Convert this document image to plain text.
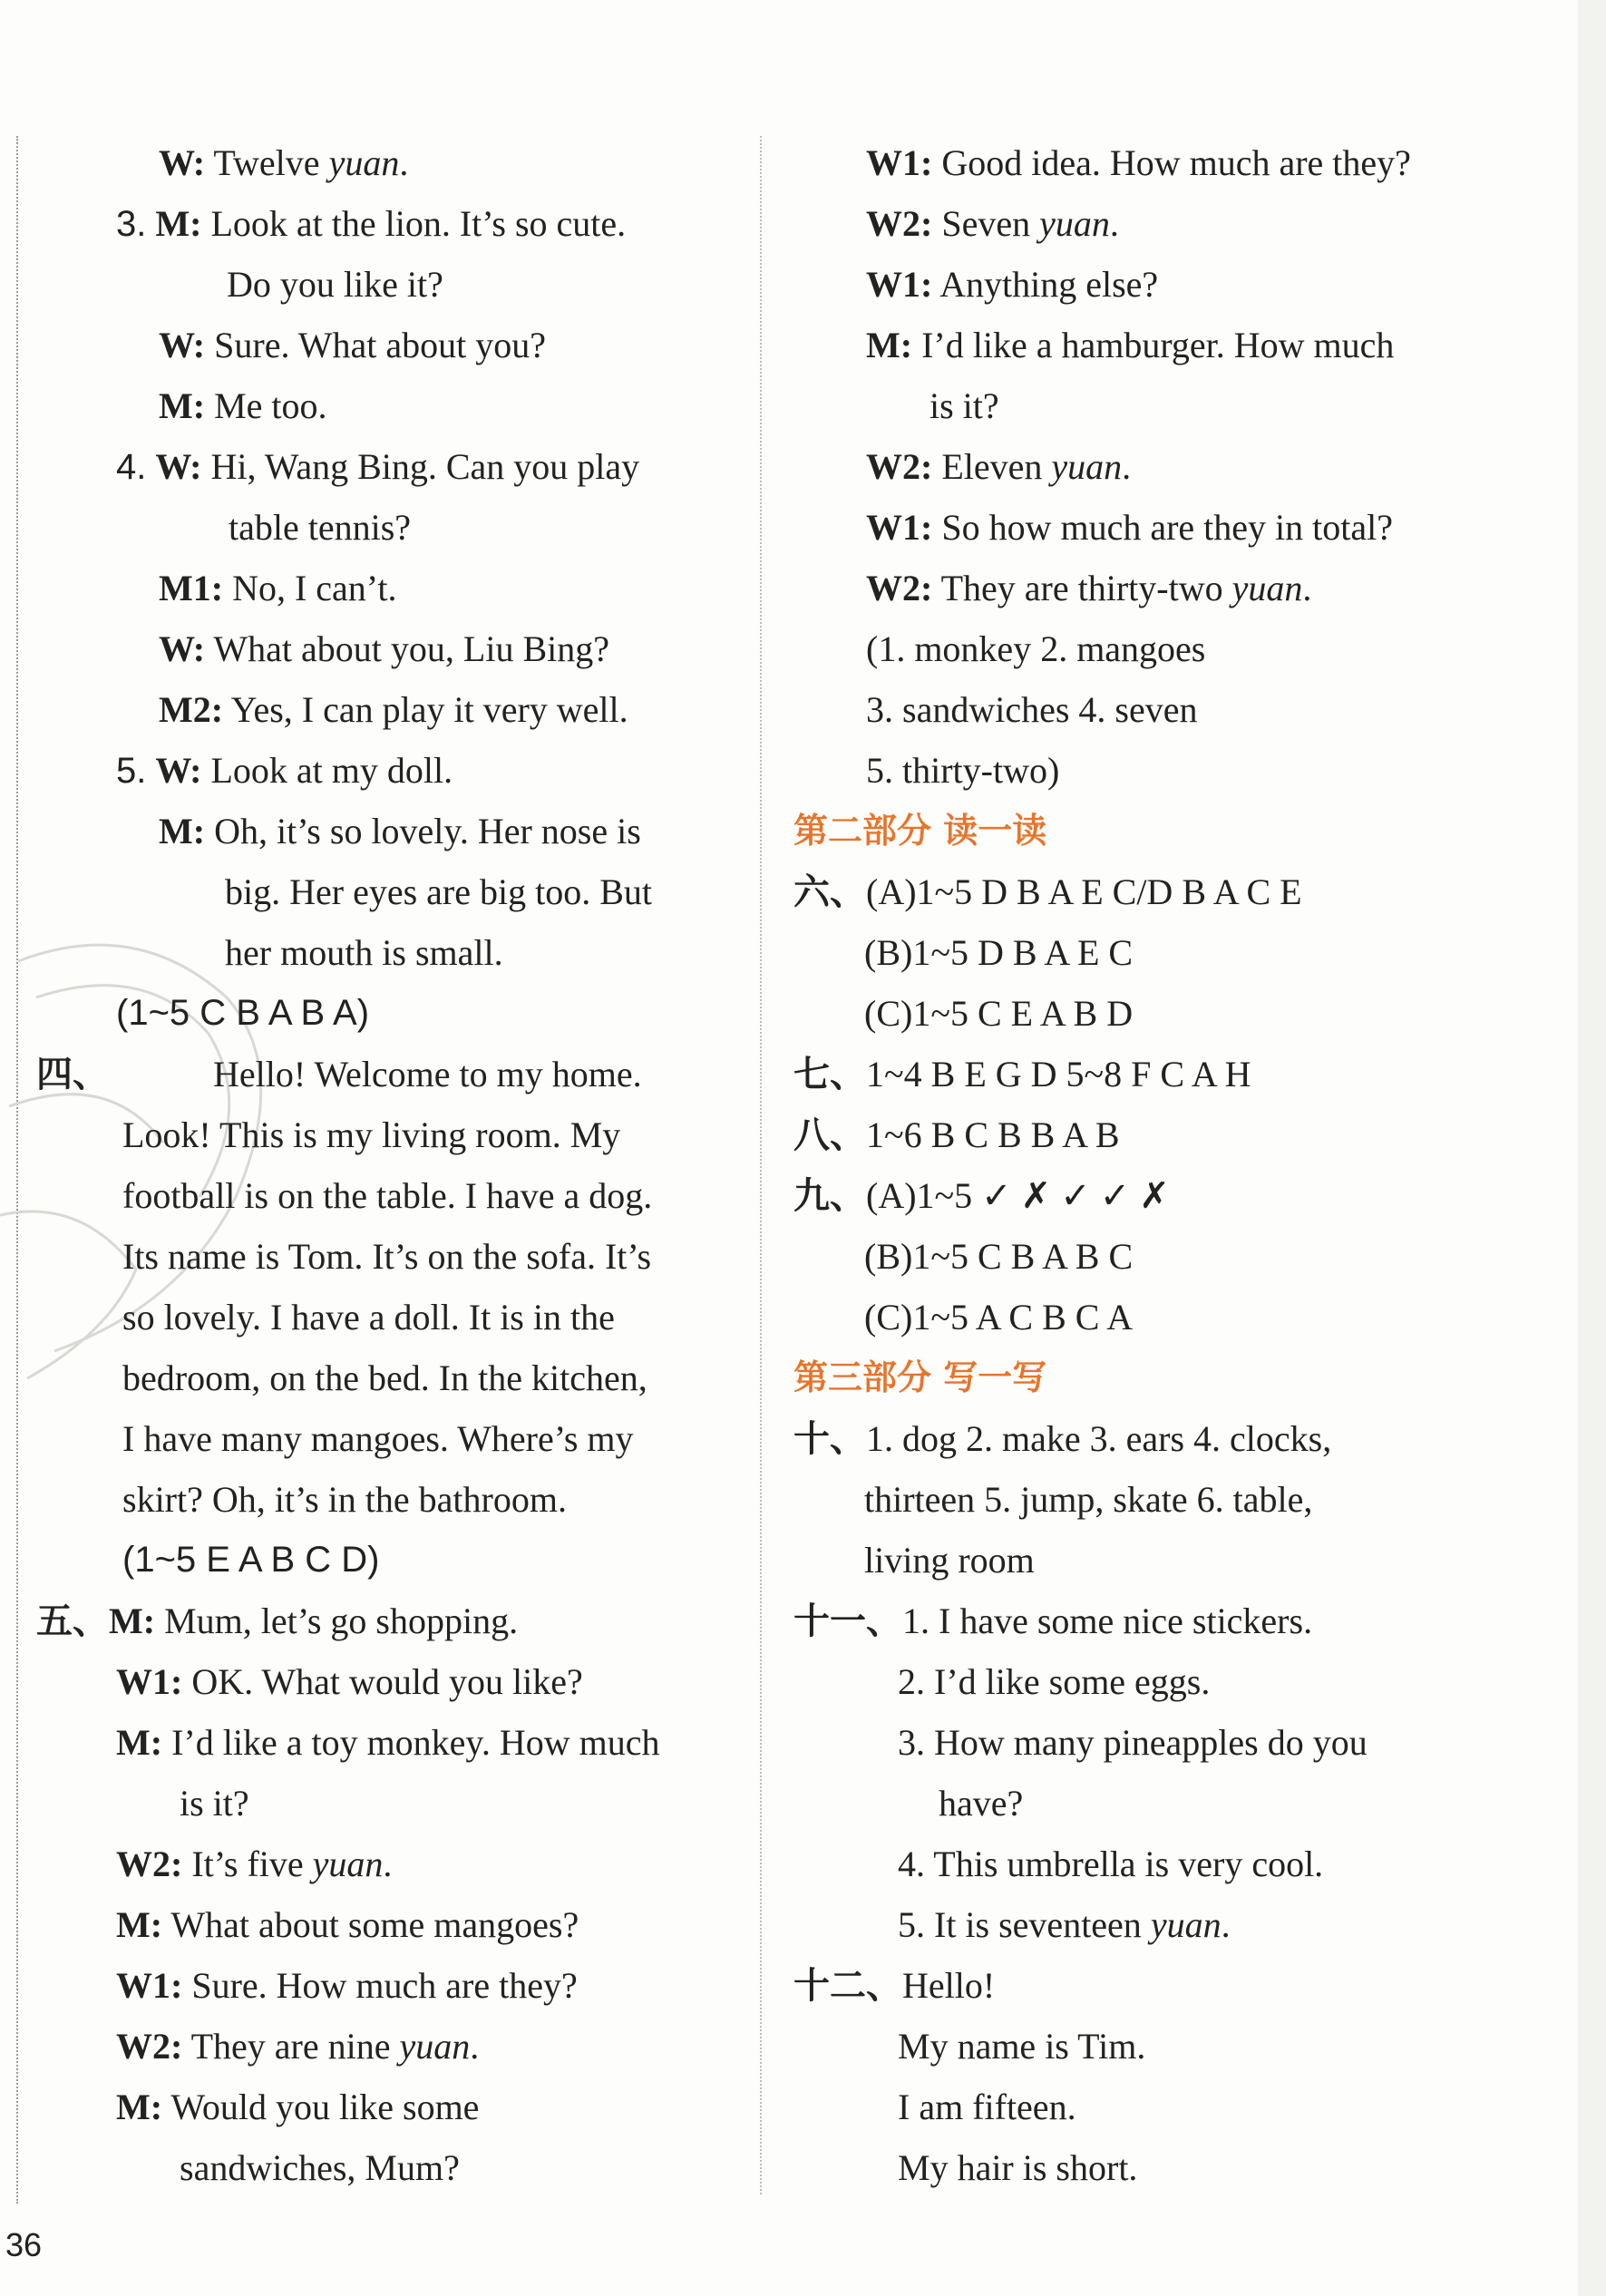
W: Twelve yuan.
3. M: Look at the lion. It’s so cute.
Do you like it?
W: Sure. What about you?
M: Me too.
4. W: Hi, Wang Bing. Can you play
table tennis?
M1: No, I can’t.
W: What about you, Liu Bing?
M2: Yes, I can play it very well.
5. W: Look at my doll.
M: Oh, it’s so lovely. Her nose is
big. Her eyes are big too. But
her mouth is small.
(1~5 C B A B A)
四、	Hello! Welcome to my home.
Look! This is my living room. My
football is on the table. I have a dog.
Its name is Tom. It’s on the sofa. It’s
so lovely. I have a doll. It is in the
bedroom, on the bed. In the kitchen,
I have many mangoes. Where’s my
skirt? Oh, it’s in the bathroom.
(1~5 E A B C D)
五、M: Mum, let’s go shopping.
W1: OK. What would you like?
M: I’d like a toy monkey. How much
is it?
W2: It’s five yuan.
M: What about some mangoes?
W1: Sure. How much are they?
W2: They are nine yuan.
M: Would you like some
sandwiches, Mum?
W1: Good idea. How much are they?
W2: Seven yuan.
W1: Anything else?
M: I’d like a hamburger. How much
is it?
W2: Eleven yuan.
W1: So how much are they in total?
W2: They are thirty-two yuan.
(1. monkey 2. mangoes
3. sandwiches 4. seven
5. thirty-two)
第二部分 读一读
六、(A)1~5 D B A E C/D B A C E
(B)1~5 D B A E C
(C)1~5 C E A B D
七、1~4 B E G D 5~8 F C A H
八、1~6 B C B B A B
九、(A)1~5 ✓ ✗ ✓ ✓ ✗
(B)1~5 C B A B C
(C)1~5 A C B C A
第三部分 写一写
十、1. dog 2. make 3. ears 4. clocks,
thirteen 5. jump, skate 6. table,
living room
十一、1. I have some nice stickers.
2. I’d like some eggs.
3. How many pineapples do you
have?
4. This umbrella is very cool.
5. It is seventeen yuan.
十二、Hello!
My name is Tim.
I am fifteen.
My hair is short.
36
